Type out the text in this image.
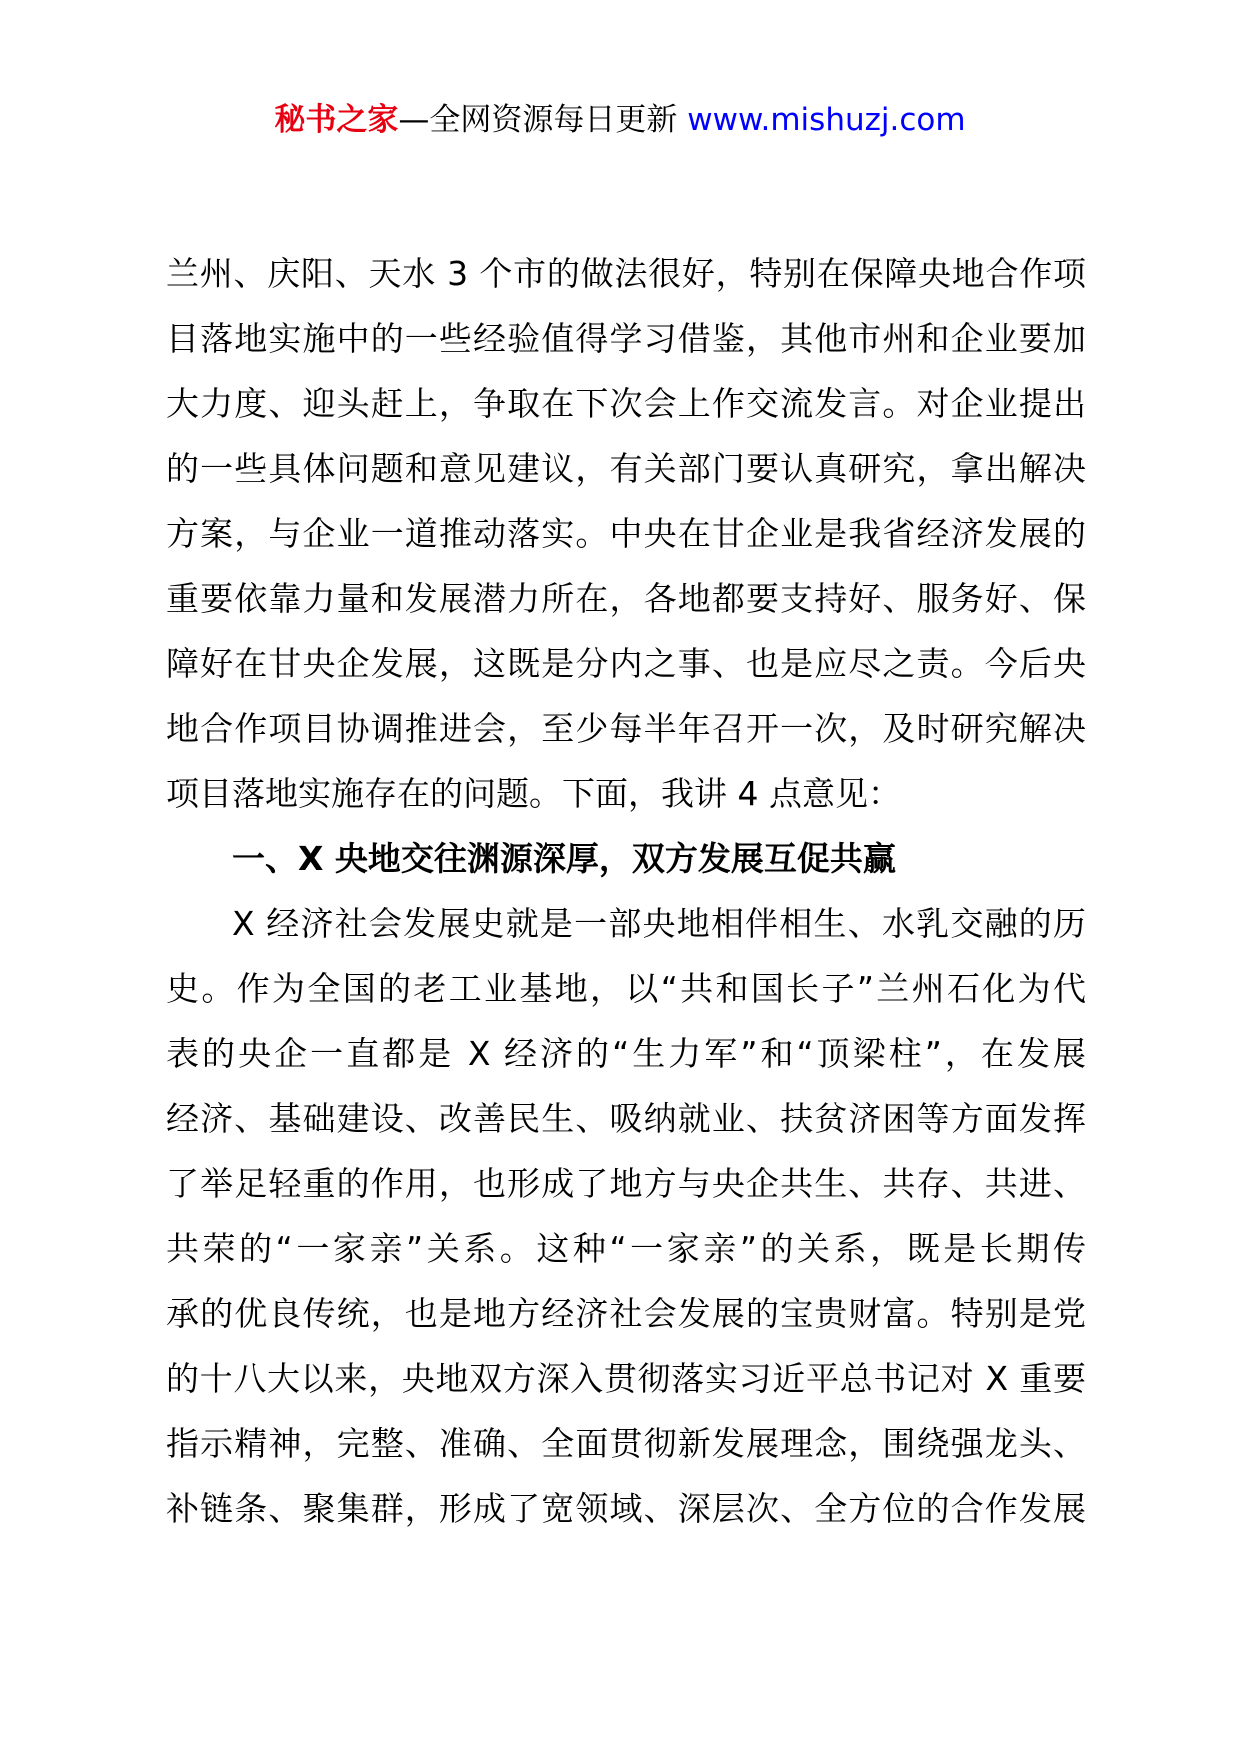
秘书之家—全网资源每日更新 www.mishuzj.com
兰州、庆阳、天水 3 个市的做法很好，特别在保障央地合作项
目落地实施中的一些经验值得学习借鉴，其他市州和企业要加
大力度、迎头赶上，争取在下次会上作交流发言。对企业提出
的一些具体问题和意见建议，有关部门要认真研究，拿出解决
方案，与企业一道推动落实。中央在甘企业是我省经济发展的
重要依靠力量和发展潜力所在，各地都要支持好、服务好、保
障好在甘央企发展，这既是分内之事、也是应尽之责。今后央
地合作项目协调推进会，至少每半年召开一次，及时研究解决
项目落地实施存在的问题。下面，我讲 4 点意见：
一、X 央地交往渊源深厚，双方发展互促共赢
X 经济社会发展史就是一部央地相伴相生、水乳交融的历
史。作为全国的老工业基地，以“共和国长子”兰州石化为代
表的央企一直都是 X 经济的“生力军”和“顶梁柱”，在发展
经济、基础建设、改善民生、吸纳就业、扶贫济困等方面发挥
了举足轻重的作用，也形成了地方与央企共生、共存、共进、
共荣的“一家亲”关系。这种“一家亲”的关系，既是长期传
承的优良传统，也是地方经济社会发展的宝贵财富。特别是党
的十八大以来，央地双方深入贯彻落实习近平总书记对 X 重要
指示精神，完整、准确、全面贯彻新发展理念，围绕强龙头、
补链条、聚集群，形成了宽领域、深层次、全方位的合作发展
